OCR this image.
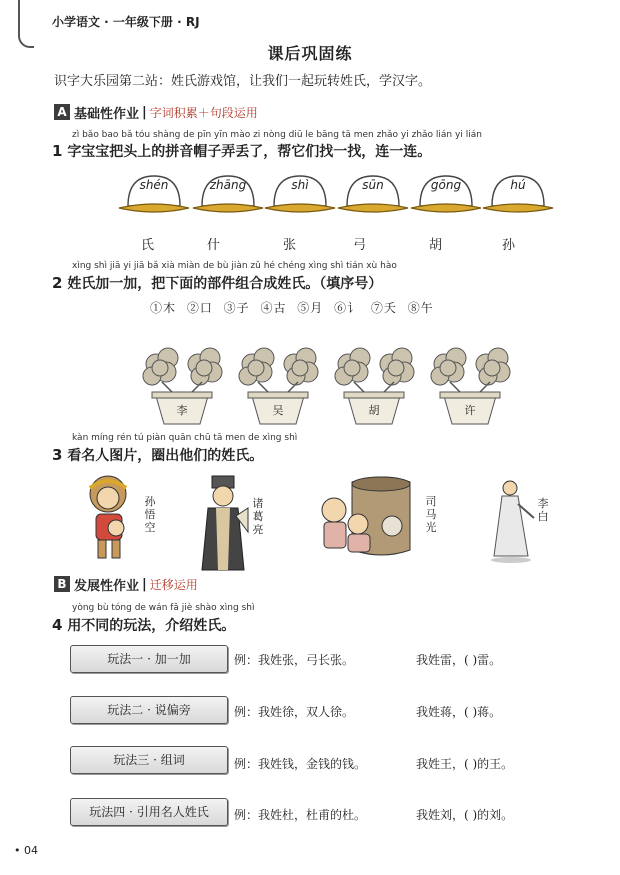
小学语文 · 一年级下册 · RJ
课后巩固练
识字大乐园第二站：姓氏游戏馆，让我们一起玩转姓氏，学汉字。
A 基础性作业 | 字词积累＋句段运用
zì bǎo bao bǎ tóu shàng de pīn yīn mào zi nòng diū le bāng tā men zhǎo yi zhǎo lián yi lián
1 字宝宝把头上的拼音帽子弄丢了，帮它们找一找，连一连。
shén	zhāng	shì	sūn	gōng	hú
氏	什	张	弓	胡	孙
xìng shì jiā yi jiā bǎ xià miàn de bù jiàn zǔ hé chéng xìng shì tián xù hào
2 姓氏加一加，把下面的部件组合成姓氏。（填序号）
①木 ②口 ③子 ④古 ⑤月 ⑥讠 ⑦夭 ⑧午
李	吴	胡	许
kàn míng rén tú piàn quān chū tā men de xìng shì
3 看名人图片，圈出他们的姓氏。
孙悟空
诸葛亮
司马光
李白
B 发展性作业 | 迁移运用
yòng bù tóng de wán fǎ jiè shào xìng shì
4 用不同的玩法，介绍姓氏。
玩法一 · 加一加	例：我姓张，弓长张。	我姓雷，( )雷。
玩法二 · 说偏旁	例：我姓徐，双人徐。	我姓蒋，( )蒋。
玩法三 · 组词	例：我姓钱，金钱的钱。	我姓王，( )的王。
玩法四 · 引用名人姓氏	例：我姓杜，杜甫的杜。	我姓刘，( )的刘。
• 04
